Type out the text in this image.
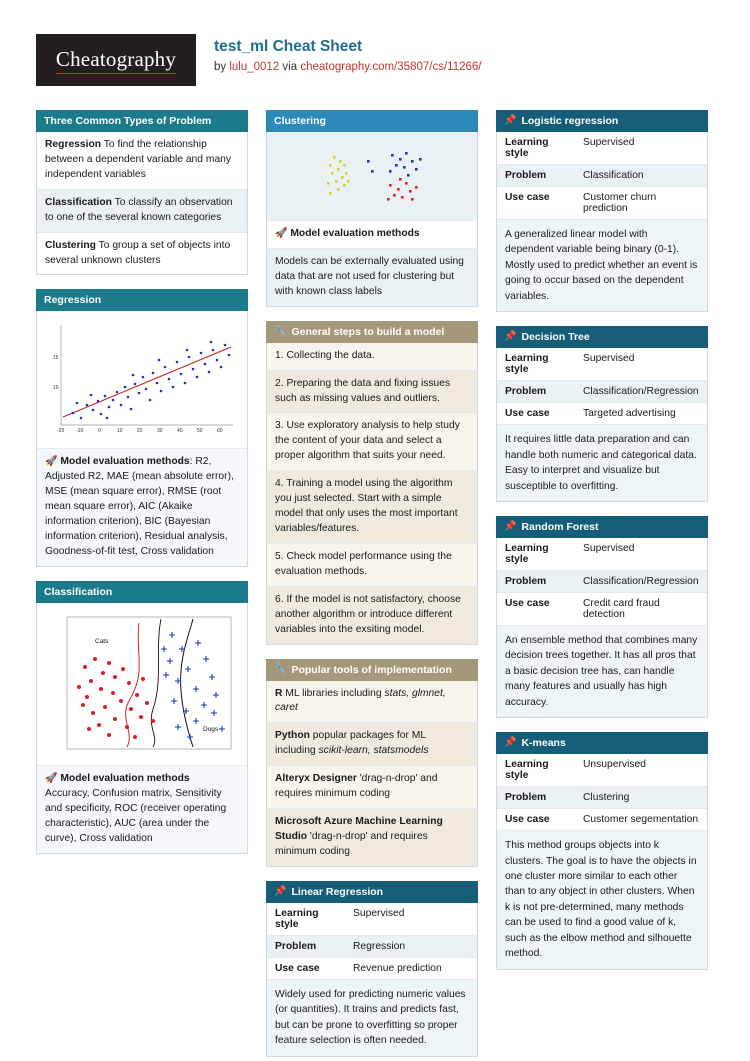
Cheatography test_ml Cheat Sheet
by lulu_0012 via cheatography.com/35807/cs/11266/
Three Common Types of Problem
Regression To find the relationship between a dependent variable and many independent variables
Classification To classify an observation to one of the several known categories
Clustering To group a set of objects into several unknown clusters
Regression
15
10
-20 -10	0	10	20	30	40	50	60
🚀 Model evaluation methods: R2, Adjusted R2, MAE (mean absolute error), MSE (mean square error), RMSE (root mean square error), AIC (Akaike information criterion), BIC (Bayesian information criterion), Residual analysis, Goodness-of-fit test, Cross validation
Classification
Cats
Dogs
🚀 Model evaluation methods
Accuracy, Confusion matrix, Sensitivity and specificity, ROC (receiver operating characteristic), AUC (area under the curve), Cross validation
Clustering
🚀 Model evaluation methods
Models can be externally evaluated using data that are not used for clustering but with known class labels
🔧 General steps to build a model
1. Collecting the data.
2. Preparing the data and fixing issues such as missing values and outliers.
3. Use exploratory analysis to help study the content of your data and select a proper algorithm that suits your need.
4. Training a model using the algorithm you just selected. Start with a simple model that only uses the most important variables/features.
5. Check model performance using the evaluation methods.
6. If the model is not satisfactory, choose another algorithm or introduce different variables into the exsiting model.
🔧 Popular tools of implementation
R ML libraries including stats, glmnet, caret
Python popular packages for ML including scikit-learn, statsmodels
Alteryx Designer 'drag-n-drop' and requires minimum coding
Microsoft Azure Machine Learning Studio 'drag-n-drop' and requires minimum coding
📌 Linear Regression
Learning style	Supervised
Problem	Regression
Use case	Revenue prediction
Widely used for predicting numeric values (or quantities). It trains and predicts fast, but can be prone to overfitting so proper feature selection is often needed.
📌 Logistic regression
Learning style	Supervised
Problem	Classification
Use case	Customer churn prediction
A generalized linear model with dependent variable being binary (0-1). Mostly used to predict whether an event is going to occur based on the dependent variables.
📌 Decision Tree
Learning style	Supervised
Problem	Classification/Regression
Use case	Targeted advertising
It requires little data preparation and can handle both numeric and categorical data. Easy to interpret and visualize but susceptible to overfitting.
📌 Random Forest
Learning style	Supervised
Problem	Classification/Regression
Use case	Credit card fraud detection
An ensemble method that combines many decision trees together. It has all pros that a basic decision tree has, can handle many features and usually has high accuracy.
📌 K-means
Learning style	Unsupervised
Problem	Clustering
Use case	Customer segementation
This method groups objects into k clusters. The goal is to have the objects in one cluster more similar to each other than to any object in other clusters. When k is not pre-determined, many methods can be used to find a good value of k, such as the elbow method and silhouette method.
